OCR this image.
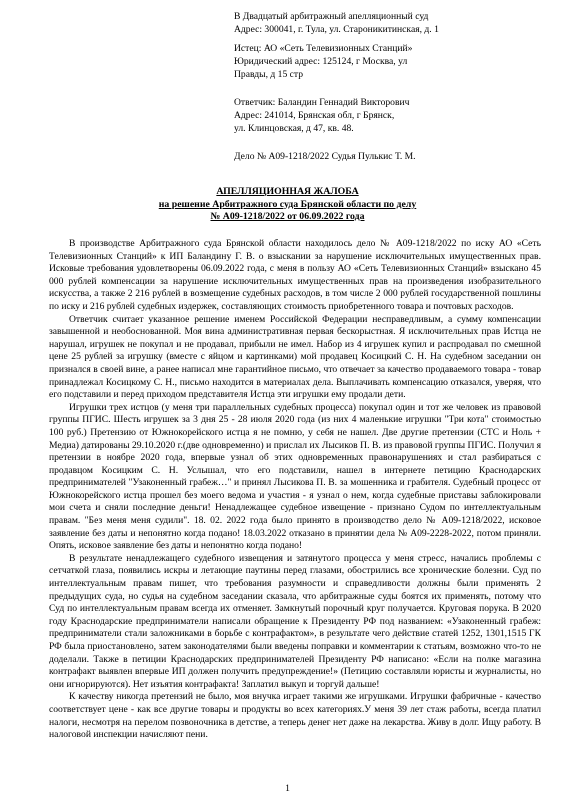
В Двадцатый арбитражный апелляционный суд

Адрес: 300041, г. Тула, ул. Староникитинская, д. 1

Истец: АО «Сеть Телевизионных Станций»

Юридический адрес: 125124, г Москва, ул

Правды, д 15 стр

Ответчик: Баландин Геннадий Викторович

Адрес: 241014, Брянская обл, г Брянск,

ул. Клинцовская, д 47, кв. 48.

Дело № А09-1218/2022 Судья Пулькис Т. М.

АПЕЛЛЯЦИОННАЯ ЖАЛОБА
на решение Арбитражного суда Брянской области по делу
№ А09-1218/2022 от 06.09.2022 года

В производстве Арбитражного суда Брянской области находилось дело № А09-1218/2022 по иску АО «Сеть Телевизионных Станций» к ИП Баландину Г. В. о взыскании за нарушение исключительных имущественных прав. Исковые требования удовлетворены 06.09.2022 года, с меня в пользу АО «Сеть Телевизионных Станций» взыскано 45 000 рублей компенсации за нарушение исключительных имущественных прав на произведения изобразительного искусства, а также 2 216 рублей в возмещение судебных расходов, в том числе 2 000 рублей государственной пошлины по иску и 216 рублей судебных издержек, составляющих стоимость приобретенного товара и почтовых расходов.

Ответчик считает указанное решение именем Российской Федерации несправедливым, а сумму компенсации завышенной и необоснованной. Моя вина административная первая бескорыстная. Я исключительных прав Истца не нарушал, игрушек не покупал и не продавал, прибыли не имел. Набор из 4 игрушек купил и распродавал по смешной цене 25 рублей за игрушку (вместе с яйцом и картинками) мой продавец Косицкий С. Н. На судебном заседании он признался в своей вине, а ранее написал мне гарантийное письмо, что отвечает за качество продаваемого товара - товар принадлежал Косицкому С. Н., письмо находится в материалах дела. Выплачивать компенсацию отказался, уверяя, что его подставили и перед приходом представителя Истца эти игрушки ему продали дети.

Игрушки трех истцов (у меня три параллельных судебных процесса) покупал один и тот же человек из правовой группы ПГИС. Шесть игрушек за 3 дня 25 - 28 июля 2020 года (из них 4 маленькие игрушки "Три кота" стоимостью 100 руб.) Претензию от Южнокорейского истца я не помню, у себя не нашел. Две другие претензии (СТС и Ноль + Медиа) датированы 29.10.2020 г.(две одновременно) и прислал их Лысиков П. В. из правовой группы ПГИС. Получил я претензии в ноябре 2020 года, впервые узнал об этих одновременных правонарушениях и стал разбираться с продавцом Косицким С. Н. Услышал, что его подставили, нашел в интернете петицию Краснодарских предпринимателей "Узаконенный грабеж…" и принял Лысикова П. В. за мошенника и грабителя. Судебный процесс от Южнокорейского истца прошел без моего ведома и участия - я узнал о нем, когда судебные приставы заблокировали мои счета и сняли последние деньги! Ненадлежащее судебное извещение - признано Судом по интеллектуальным правам. "Без меня меня судили". 18. 02. 2022 года было принято в производство дело № А09-1218/2022, исковое заявление без даты и непонятно когда подано! 18.03.2022 отказано в принятии дела № А09-2228-2022, потом приняли. Опять, исковое заявление без даты и непонятно когда подано!

В результате ненадлежащего судебного извещения и затянутого процесса у меня стресс, начались проблемы с сетчаткой глаза, появились искры и летающие паутины перед глазами, обострились все хронические болезни. Суд по интеллектуальным правам пишет, что требования разумности и справедливости должны были применять 2 предыдущих суда, но судья на судебном заседании сказала, что арбитражные суды боятся их применять, потому что Суд по интеллектуальным правам всегда их отменяет. Замкнутый порочный круг получается. Круговая порука. В 2020 году Краснодарские предприниматели написали обращение к Президенту РФ под названием: «Узаконенный грабеж: предприниматели стали заложниками в борьбе с контрафактом», в результате чего действие статей 1252, 1301,1515 ГК РФ была приостановлено, затем законодателями были введены поправки и комментарии к статьям, возможно что-то не доделали. Также в петиции Краснодарских предпринимателей Президенту РФ написано: «Если на полке магазина контрафакт выявлен впервые ИП должен получить предупреждение!» (Петицию составляли юристы и журналисты, но они игнорируются). Нет изъятия контрафакта! Заплатил выкуп и торгуй дальше!

К качеству никогда претензий не было, моя внучка играет такими же игрушками. Игрушки фабричные - качество соответствует цене - как все другие товары и продукты во всех категориях.У меня 39 лет стаж работы, всегда платил налоги, несмотря на перелом позвоночника в детстве, а теперь денег нет даже на лекарства. Живу в долг. Ищу работу. В налоговой инспекции начисляют пени.

1
